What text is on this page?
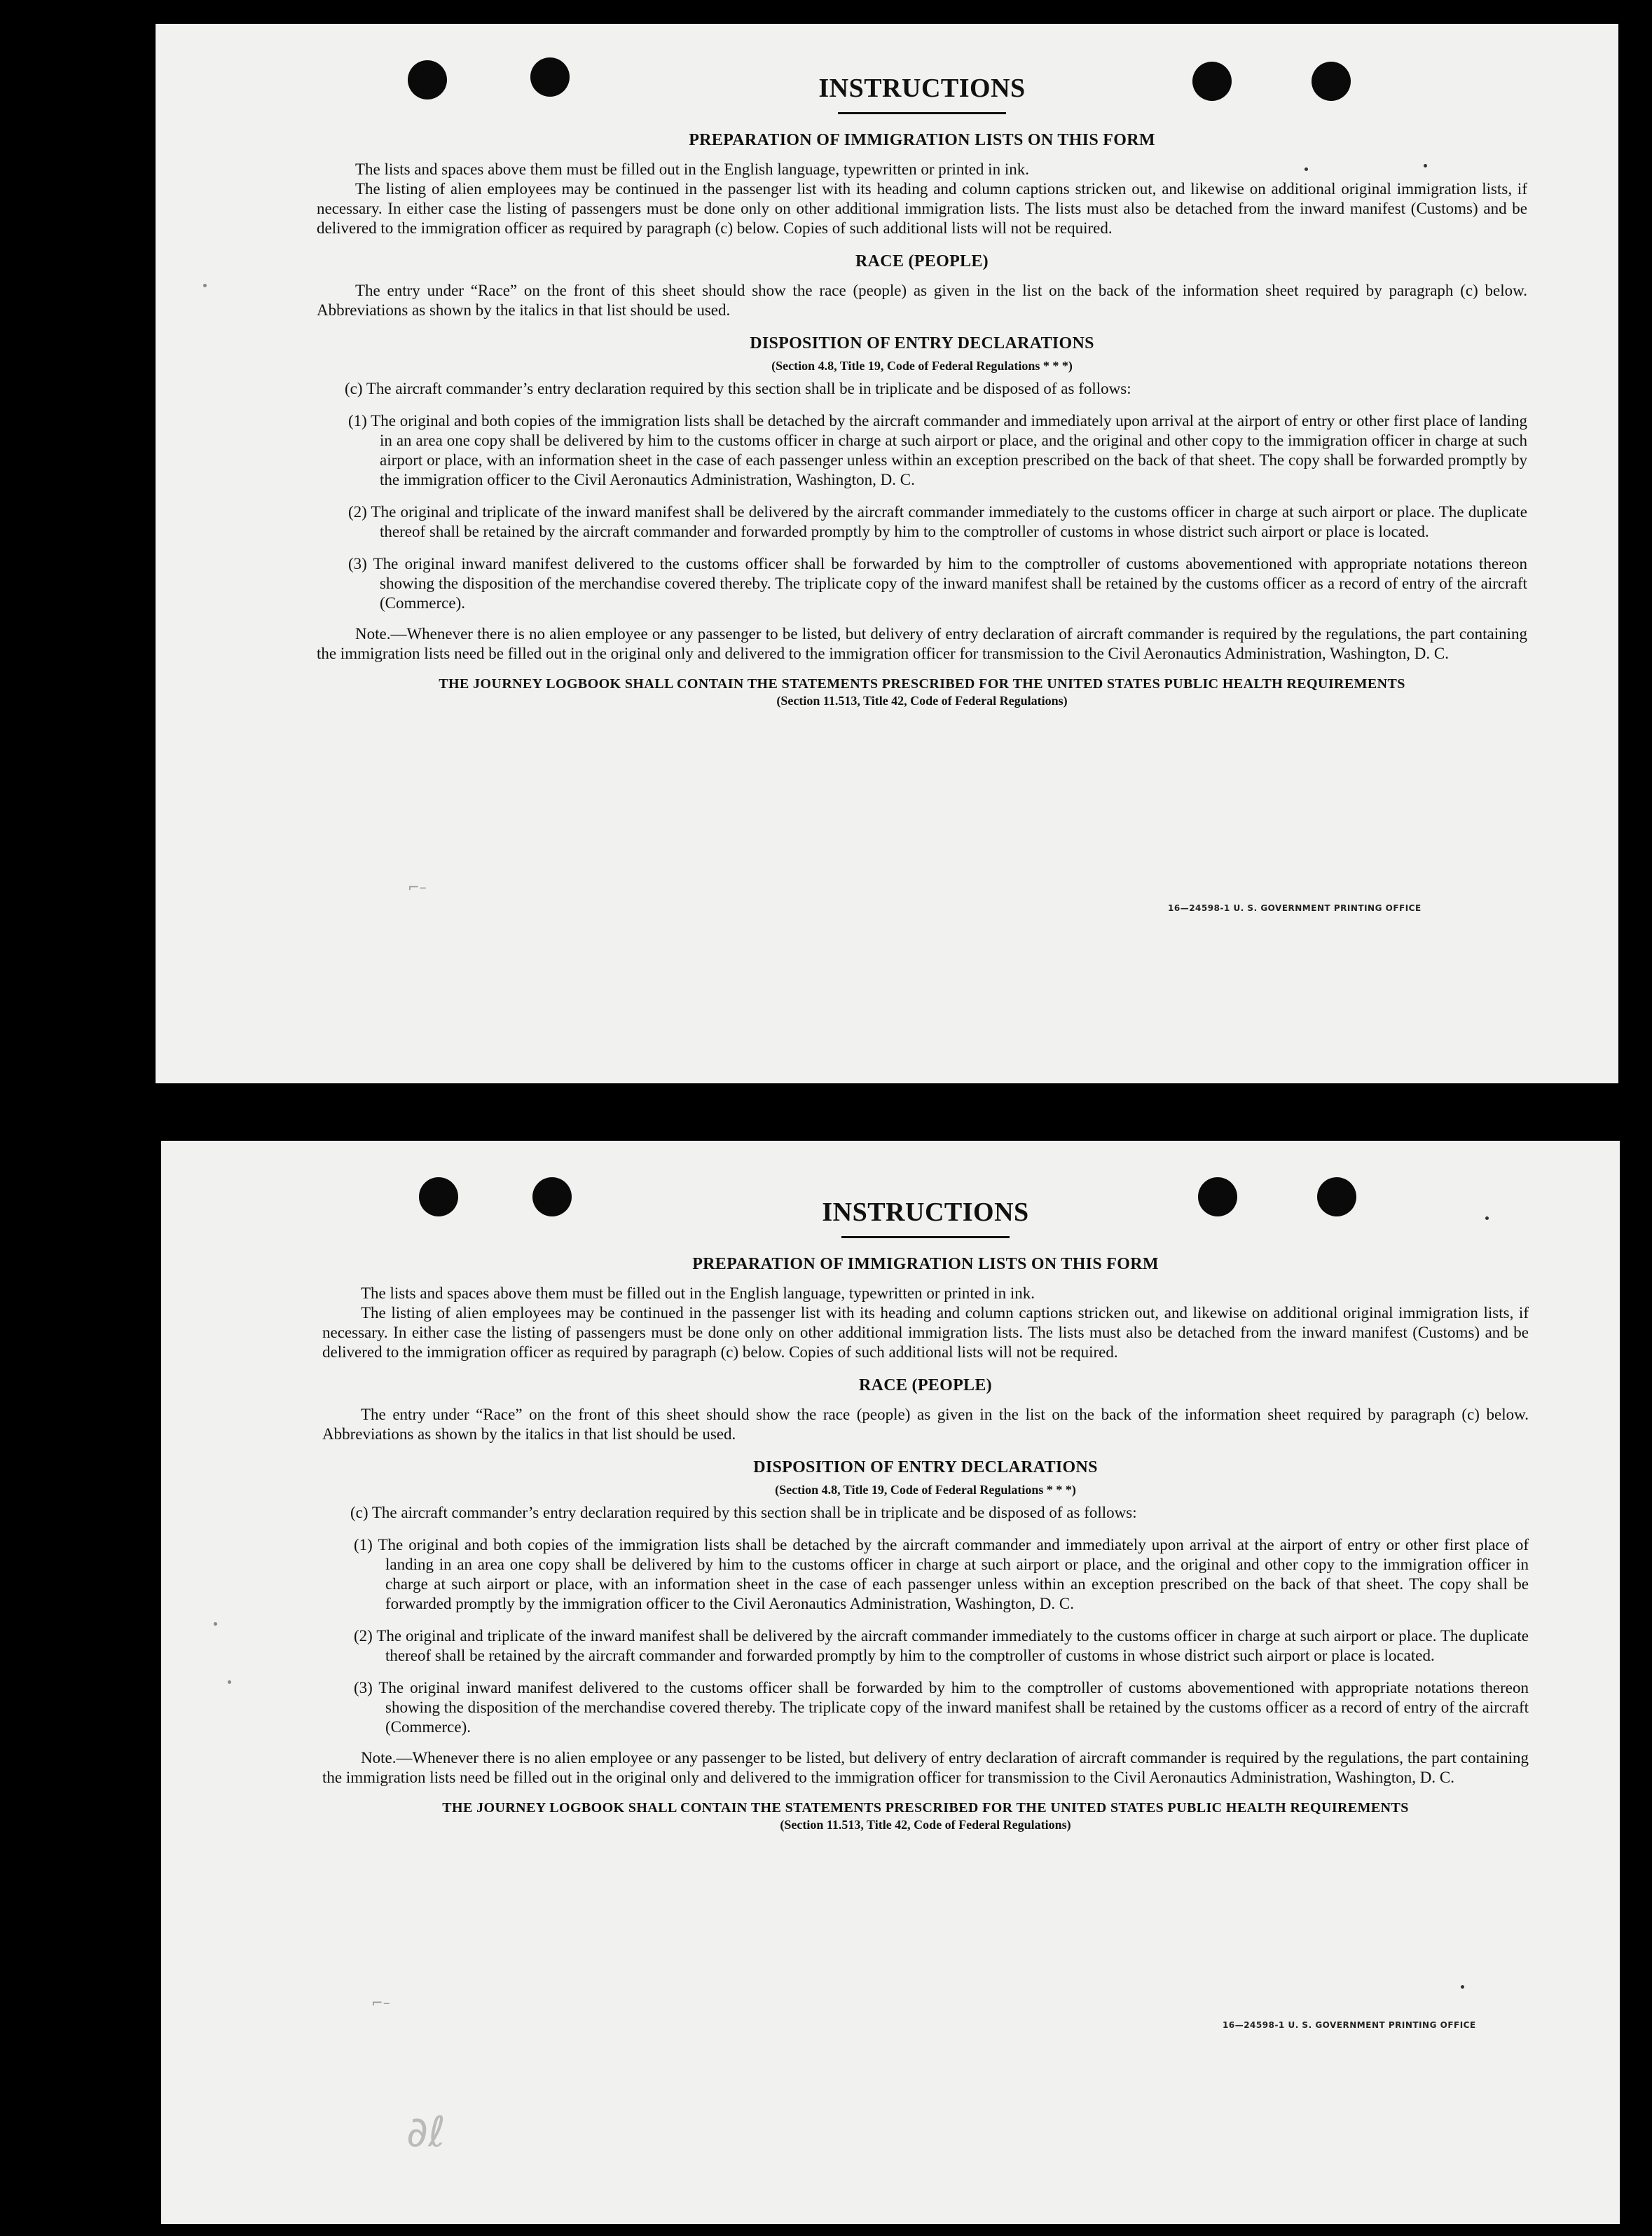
INSTRUCTIONS
PREPARATION OF IMMIGRATION LISTS ON THIS FORM

The lists and spaces above them must be filled out in the English language, typewritten or printed in ink.

The listing of alien employees may be continued in the passenger list with its heading and column captions stricken out, and likewise on additional original immigration lists, if necessary. In either case the listing of passengers must be done only on other additional immigration lists. The lists must also be detached from the inward manifest (Customs) and be delivered to the immigration officer as required by paragraph (c) below. Copies of such additional lists will not be required.

RACE (PEOPLE)

The entry under “Race” on the front of this sheet should show the race (people) as given in the list on the back of the information sheet required by paragraph (c) below. Abbreviations as shown by the italics in that list should be used.

DISPOSITION OF ENTRY DECLARATIONS
(Section 4.8, Title 19, Code of Federal Regulations * * *)

(c) The aircraft commander’s entry declaration required by this section shall be in triplicate and be disposed of as follows:

(1) The original and both copies of the immigration lists shall be detached by the aircraft commander and immediately upon arrival at the airport of entry or other first place of landing in an area one copy shall be delivered by him to the customs officer in charge at such airport or place, and the original and other copy to the immigration officer in charge at such airport or place, with an information sheet in the case of each passenger unless within an exception prescribed on the back of that sheet. The copy shall be forwarded promptly by the immigration officer to the Civil Aeronautics Administration, Washington, D. C.

(2) The original and triplicate of the inward manifest shall be delivered by the aircraft commander immediately to the customs officer in charge at such airport or place. The duplicate thereof shall be retained by the aircraft commander and forwarded promptly by him to the comptroller of customs in whose district such airport or place is located.

(3) The original inward manifest delivered to the customs officer shall be forwarded by him to the comptroller of customs abovementioned with appropriate notations thereon showing the disposition of the merchandise covered thereby. The triplicate copy of the inward manifest shall be retained by the customs officer as a record of entry of the aircraft (Commerce).

Note.—Whenever there is no alien employee or any passenger to be listed, but delivery of entry declaration of aircraft commander is required by the regulations, the part containing the immigration lists need be filled out in the original only and delivered to the immigration officer for transmission to the Civil Aeronautics Administration, Washington, D. C.

THE JOURNEY LOGBOOK SHALL CONTAIN THE STATEMENTS PRESCRIBED FOR THE UNITED STATES PUBLIC HEALTH REQUIREMENTS
(Section 11.513, Title 42, Code of Federal Regulations)
16—24598-1 U. S. GOVERNMENT PRINTING OFFICE
⌐–
INSTRUCTIONS
PREPARATION OF IMMIGRATION LISTS ON THIS FORM

The lists and spaces above them must be filled out in the English language, typewritten or printed in ink.

The listing of alien employees may be continued in the passenger list with its heading and column captions stricken out, and likewise on additional original immigration lists, if necessary. In either case the listing of passengers must be done only on other additional immigration lists. The lists must also be detached from the inward manifest (Customs) and be delivered to the immigration officer as required by paragraph (c) below. Copies of such additional lists will not be required.

RACE (PEOPLE)

The entry under “Race” on the front of this sheet should show the race (people) as given in the list on the back of the information sheet required by paragraph (c) below. Abbreviations as shown by the italics in that list should be used.

DISPOSITION OF ENTRY DECLARATIONS
(Section 4.8, Title 19, Code of Federal Regulations * * *)

(c) The aircraft commander’s entry declaration required by this section shall be in triplicate and be disposed of as follows:

(1) The original and both copies of the immigration lists shall be detached by the aircraft commander and immediately upon arrival at the airport of entry or other first place of landing in an area one copy shall be delivered by him to the customs officer in charge at such airport or place, and the original and other copy to the immigration officer in charge at such airport or place, with an information sheet in the case of each passenger unless within an exception prescribed on the back of that sheet. The copy shall be forwarded promptly by the immigration officer to the Civil Aeronautics Administration, Washington, D. C.

(2) The original and triplicate of the inward manifest shall be delivered by the aircraft commander immediately to the customs officer in charge at such airport or place. The duplicate thereof shall be retained by the aircraft commander and forwarded promptly by him to the comptroller of customs in whose district such airport or place is located.

(3) The original inward manifest delivered to the customs officer shall be forwarded by him to the comptroller of customs abovementioned with appropriate notations thereon showing the disposition of the merchandise covered thereby. The triplicate copy of the inward manifest shall be retained by the customs officer as a record of entry of the aircraft (Commerce).

Note.—Whenever there is no alien employee or any passenger to be listed, but delivery of entry declaration of aircraft commander is required by the regulations, the part containing the immigration lists need be filled out in the original only and delivered to the immigration officer for transmission to the Civil Aeronautics Administration, Washington, D. C.

THE JOURNEY LOGBOOK SHALL CONTAIN THE STATEMENTS PRESCRIBED FOR THE UNITED STATES PUBLIC HEALTH REQUIREMENTS
(Section 11.513, Title 42, Code of Federal Regulations)
16—24598-1 U. S. GOVERNMENT PRINTING OFFICE
⌐–
∂ℓ
